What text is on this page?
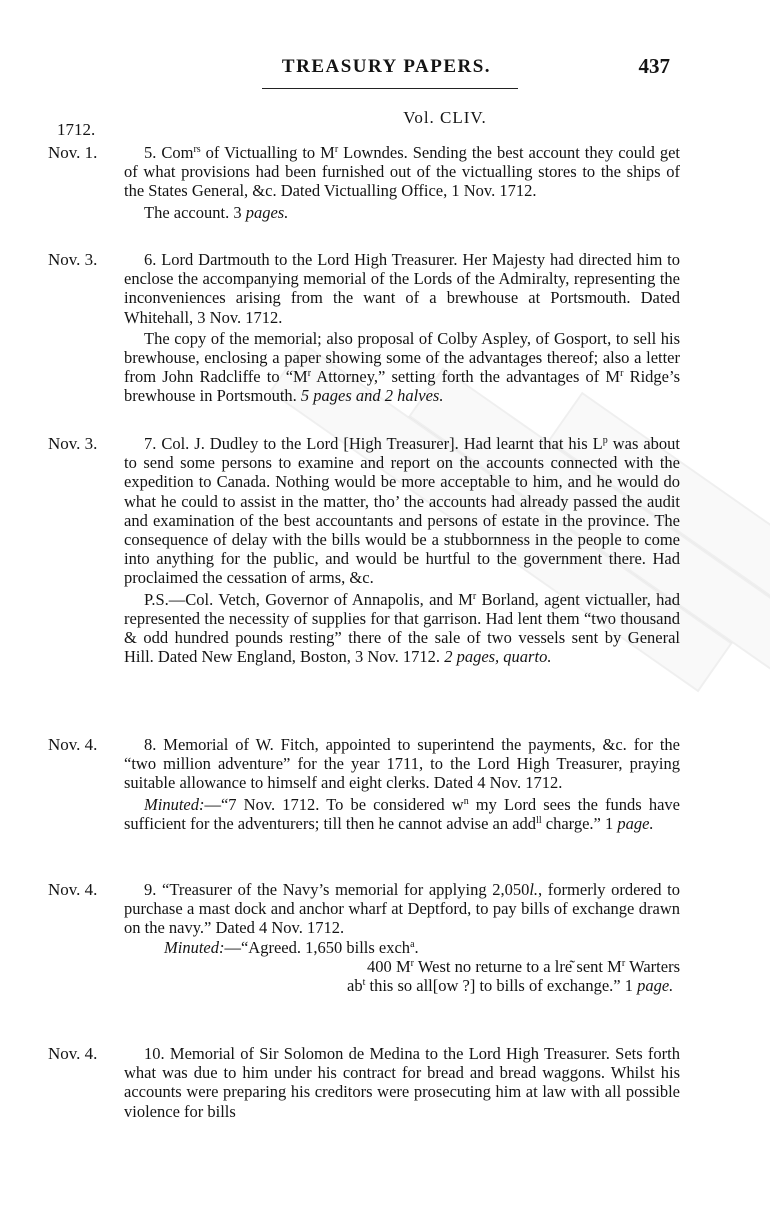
TREASURY PAPERS.	437
Vol. CLIV.
1712.
Nov. 1.	5. Com$^{rs}$ of Victualling to $M^r$ Lowndes. Sending the best account they could get of what provisions had been furnished out of the victualling stores to the ships of the States General, &c. Dated Victualling Office, 1 Nov. 1712.

The account. 3 pages.

Nov. 3.	6. Lord Dartmouth to the Lord High Treasurer. Her Majesty had directed him to enclose the accompanying memorial of the Lords of the Admiralty, representing the inconveniences arising from the want of a brewhouse at Portsmouth. Dated Whitehall, 3 Nov. 1712.

The copy of the memorial; also proposal of Colby Aspley, of Gosport, to sell his brewhouse, enclosing a paper showing some of the advantages thereof; also a letter from John Radcliffe to “$M^r$ Attorney,” setting forth the advantages of $M^r$ Ridge’s brewhouse in Portsmouth. 5 pages and 2 halves.

Nov. 3.	7. Col. J. Dudley to the Lord [High Treasurer]. Had learnt that his $L^p$ was about to send some persons to examine and report on the accounts connected with the expedition to Canada. Nothing would be more acceptable to him, and he would do what he could to assist in the matter, tho’ the accounts had already passed the audit and examination of the best accountants and persons of estate in the province. The consequence of delay with the bills would be a stubbornness in the people to come into anything for the public, and would be hurtful to the government there. Had proclaimed the cessation of arms, &c.

P.S.—Col. Vetch, Governor of Annapolis, and $M^r$ Borland, agent victualler, had represented the necessity of supplies for that garrison. Had lent them “two thousand & odd hundred pounds resting” there of the sale of two vessels sent by General Hill. Dated New England, Boston, 3 Nov. 1712. 2 pages, quarto.

Nov. 4.	8. Memorial of W. Fitch, appointed to superintend the payments, &c. for the “two million adventure” for the year 1711, to the Lord High Treasurer, praying suitable allowance to himself and eight clerks. Dated 4 Nov. 1712.

Minuted:—“7 Nov. 1712. To be considered $w^n$ my Lord sees the funds have sufficient for the adventurers; till then he cannot advise an add$^{ll}$ charge.” 1 page.

Nov. 4.	9. “Treasurer of the Navy’s memorial for applying 2,050l., formerly ordered to purchase a mast dock and anchor wharf at Deptford, to pay bills of exchange drawn on the navy.” Dated 4 Nov. 1712.

Minuted:—“Agreed. 1,650 bills exch$^a$.

400 $M^r$ West no returne to a lre͂ sent $M^r$ Warters $ab^t$ this so all[ow ?] to bills of exchange.” 1 page.

Nov. 4.	10. Memorial of Sir Solomon de Medina to the Lord High Treasurer. Sets forth what was due to him under his contract for bread and bread waggons. Whilst his accounts were preparing his creditors were prosecuting him at law with all possible violence for bills
